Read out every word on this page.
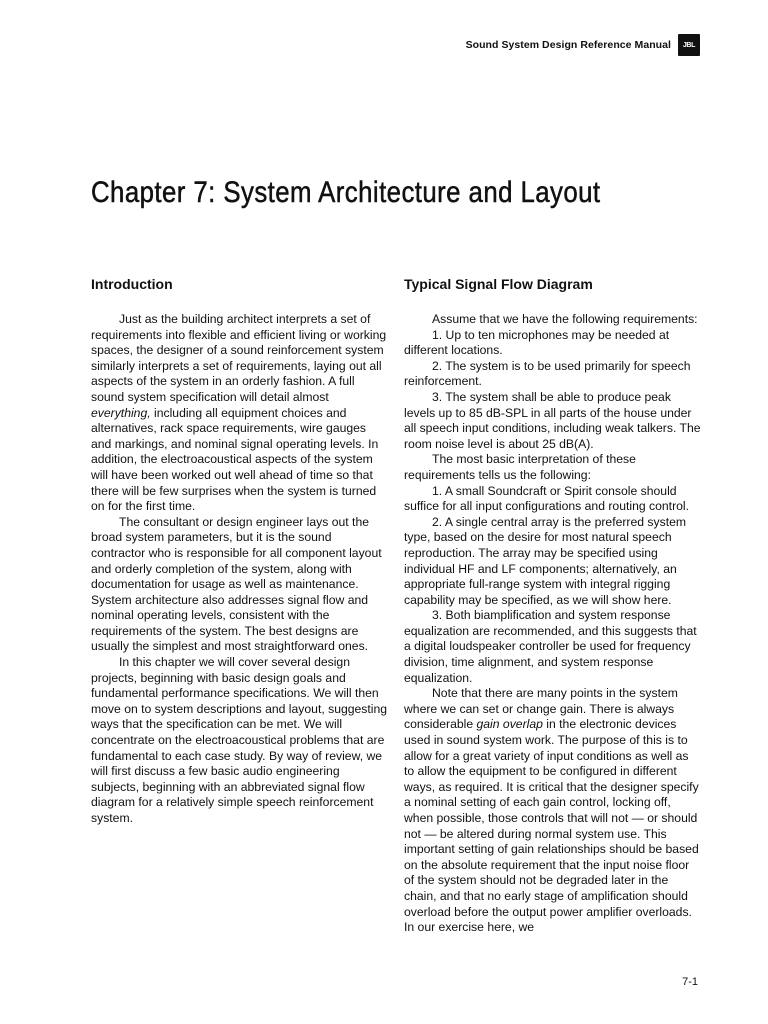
Sound System Design Reference Manual	JBL
Chapter 7: System Architecture and Layout
Introduction

Just as the building architect interprets a set of requirements into flexible and efficient living or working spaces, the designer of a sound reinforcement system similarly interprets a set of requirements, laying out all aspects of the system in an orderly fashion. A full sound system specification will detail almost everything, including all equipment choices and alternatives, rack space requirements, wire gauges and markings, and nominal signal operating levels. In addition, the electroacoustical aspects of the system will have been worked out well ahead of time so that there will be few surprises when the system is turned on for the first time.

The consultant or design engineer lays out the broad system parameters, but it is the sound contractor who is responsible for all component layout and orderly completion of the system, along with documentation for usage as well as maintenance. System architecture also addresses signal flow and nominal operating levels, consistent with the requirements of the system. The best designs are usually the simplest and most straightforward ones.

In this chapter we will cover several design projects, beginning with basic design goals and fundamental performance specifications. We will then move on to system descriptions and layout, suggesting ways that the specification can be met. We will concentrate on the electroacoustical problems that are fundamental to each case study. By way of review, we will first discuss a few basic audio engineering subjects, beginning with an abbreviated signal flow diagram for a relatively simple speech reinforcement system.

Typical Signal Flow Diagram

Assume that we have the following requirements:

1. Up to ten microphones may be needed at different locations.

2. The system is to be used primarily for speech reinforcement.

3. The system shall be able to produce peak levels up to 85 dB-SPL in all parts of the house under all speech input conditions, including weak talkers. The room noise level is about 25 dB(A).

The most basic interpretation of these requirements tells us the following:

1. A small Soundcraft or Spirit console should suffice for all input configurations and routing control.

2. A single central array is the preferred system type, based on the desire for most natural speech reproduction. The array may be specified using individual HF and LF components; alternatively, an appropriate full-range system with integral rigging capability may be specified, as we will show here.

3. Both biamplification and system response equalization are recommended, and this suggests that a digital loudspeaker controller be used for frequency division, time alignment, and system response equalization.

Note that there are many points in the system where we can set or change gain. There is always considerable gain overlap in the electronic devices used in sound system work. The purpose of this is to allow for a great variety of input conditions as well as to allow the equipment to be configured in different ways, as required. It is critical that the designer specify a nominal setting of each gain control, locking off, when possible, those controls that will not — or should not — be altered during normal system use. This important setting of gain relationships should be based on the absolute requirement that the input noise floor of the system should not be degraded later in the chain, and that no early stage of amplification should overload before the output power amplifier overloads. In our exercise here, we

7-1
